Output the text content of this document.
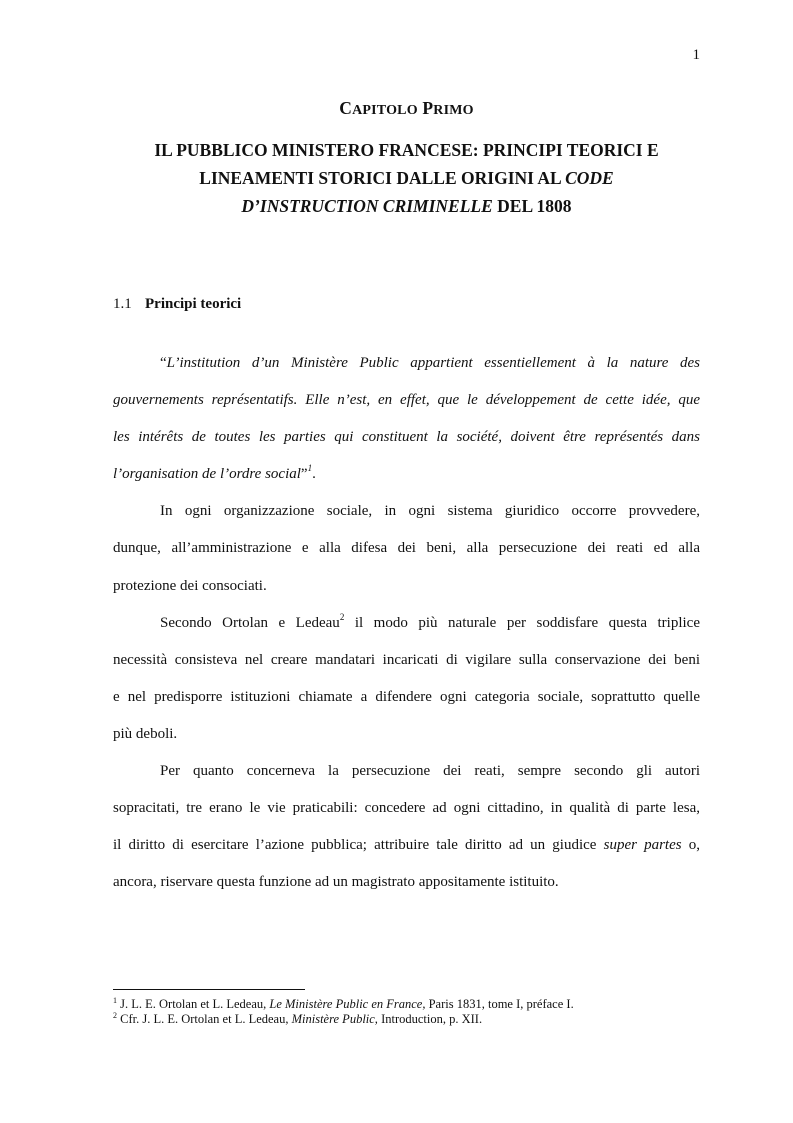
1
CAPITOLO PRIMO
IL PUBBLICO MINISTERO FRANCESE: PRINCIPI TEORICI E
LINEAMENTI STORICI DALLE ORIGINI AL CODE
D’INSTRUCTION CRIMINELLE DEL 1808
1.1 Principi teorici
“L’institution d’un Ministère Public appartient essentiellement à la nature des
gouvernements représentatifs. Elle n’est, en effet, que le développement de cette idée, que
les intérêts de toutes les parties qui constituent la société, doivent être représentés dans
l’organisation de l’ordre social”$^1$.
In ogni organizzazione sociale, in ogni sistema giuridico occorre provvedere,
dunque, all’amministrazione e alla difesa dei beni, alla persecuzione dei reati ed alla
protezione dei consociati.
Secondo Ortolan e Ledeau$^2$ il modo più naturale per soddisfare questa triplice
necessità consisteva nel creare mandatari incaricati di vigilare sulla conservazione dei beni
e nel predisporre istituzioni chiamate a difendere ogni categoria sociale, soprattutto quelle
più deboli.
Per quanto concerneva la persecuzione dei reati, sempre secondo gli autori
sopracitati, tre erano le vie praticabili: concedere ad ogni cittadino, in qualità di parte lesa,
il diritto di esercitare l’azione pubblica; attribuire tale diritto ad un giudice super partes o,
ancora, riservare questa funzione ad un magistrato appositamente istituito.
$^1$ J. L. E. Ortolan et L. Ledeau, Le Ministère Public en France, Paris 1831, tome I, préface I.
$^2$ Cfr. J. L. E. Ortolan et L. Ledeau, Ministère Public, Introduction, p. XII.
